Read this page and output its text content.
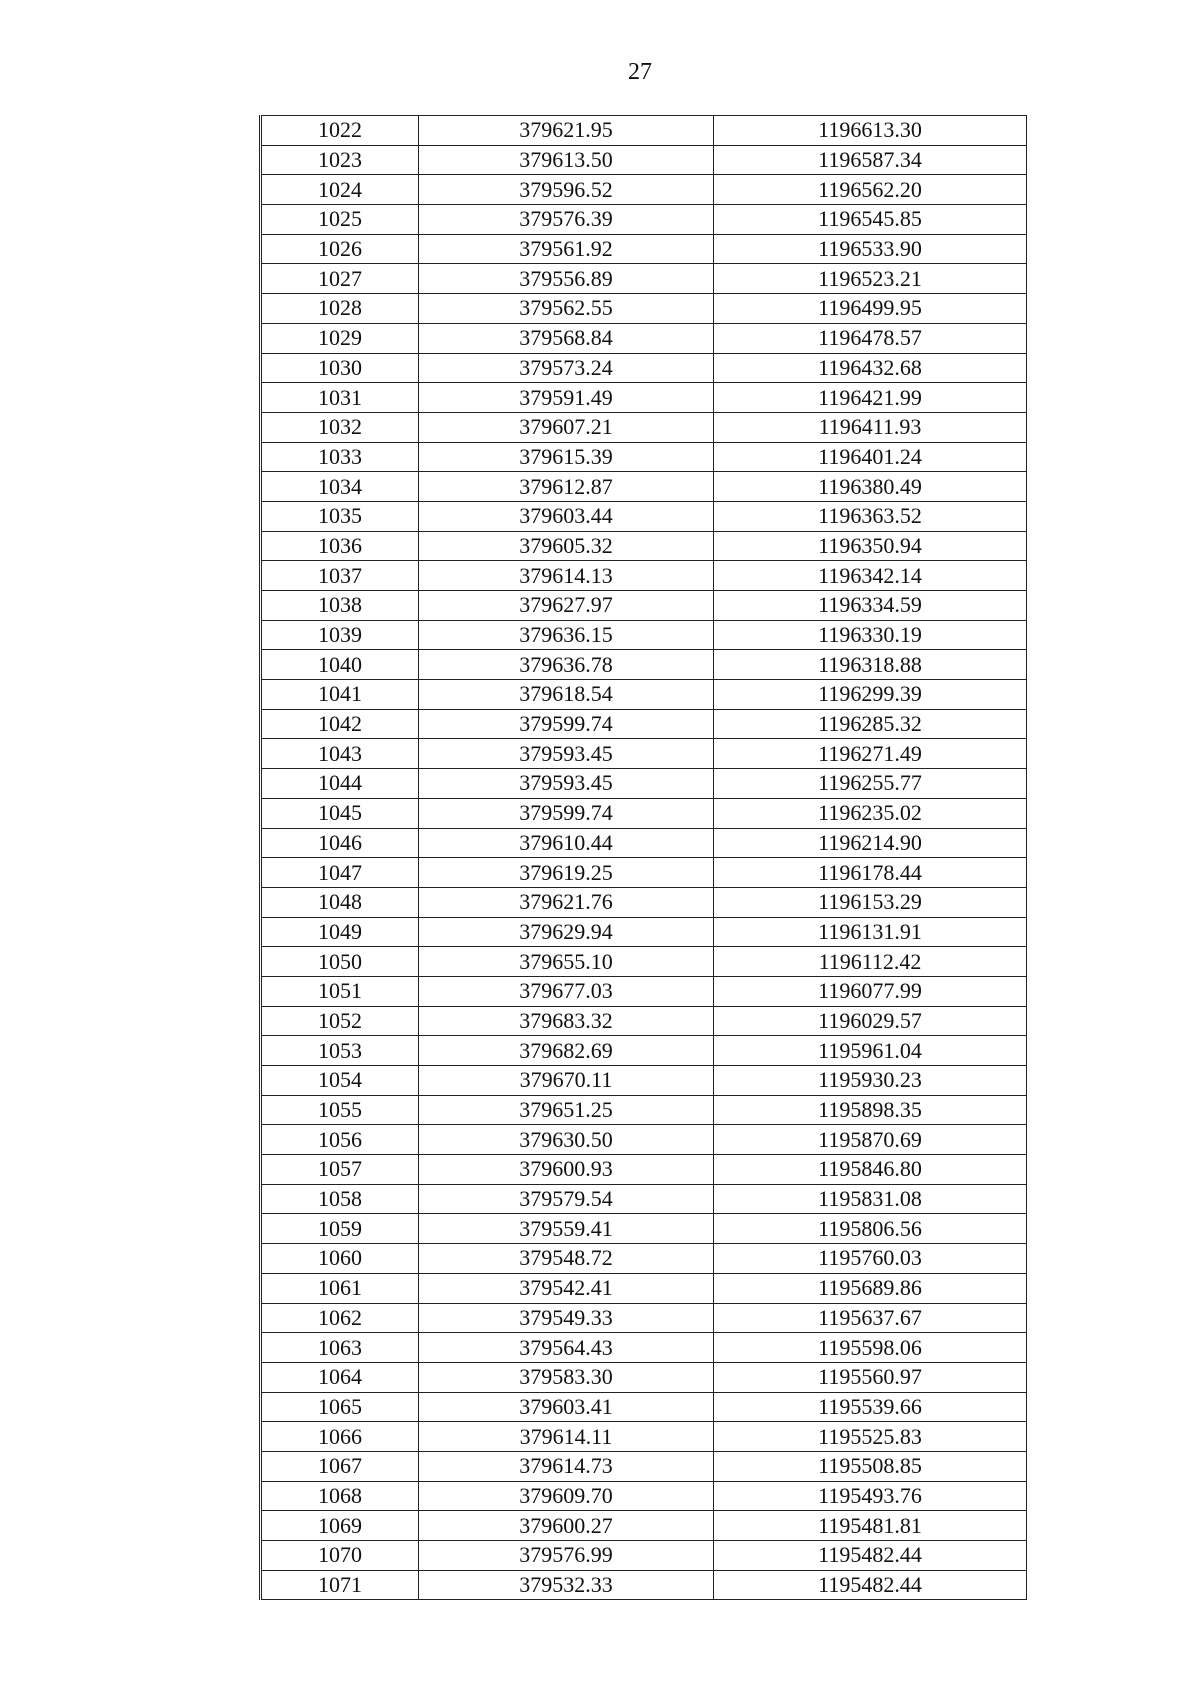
27
1022	379621.95	1196613.30
1023	379613.50	1196587.34
1024	379596.52	1196562.20
1025	379576.39	1196545.85
1026	379561.92	1196533.90
1027	379556.89	1196523.21
1028	379562.55	1196499.95
1029	379568.84	1196478.57
1030	379573.24	1196432.68
1031	379591.49	1196421.99
1032	379607.21	1196411.93
1033	379615.39	1196401.24
1034	379612.87	1196380.49
1035	379603.44	1196363.52
1036	379605.32	1196350.94
1037	379614.13	1196342.14
1038	379627.97	1196334.59
1039	379636.15	1196330.19
1040	379636.78	1196318.88
1041	379618.54	1196299.39
1042	379599.74	1196285.32
1043	379593.45	1196271.49
1044	379593.45	1196255.77
1045	379599.74	1196235.02
1046	379610.44	1196214.90
1047	379619.25	1196178.44
1048	379621.76	1196153.29
1049	379629.94	1196131.91
1050	379655.10	1196112.42
1051	379677.03	1196077.99
1052	379683.32	1196029.57
1053	379682.69	1195961.04
1054	379670.11	1195930.23
1055	379651.25	1195898.35
1056	379630.50	1195870.69
1057	379600.93	1195846.80
1058	379579.54	1195831.08
1059	379559.41	1195806.56
1060	379548.72	1195760.03
1061	379542.41	1195689.86
1062	379549.33	1195637.67
1063	379564.43	1195598.06
1064	379583.30	1195560.97
1065	379603.41	1195539.66
1066	379614.11	1195525.83
1067	379614.73	1195508.85
1068	379609.70	1195493.76
1069	379600.27	1195481.81
1070	379576.99	1195482.44
1071	379532.33	1195482.44
